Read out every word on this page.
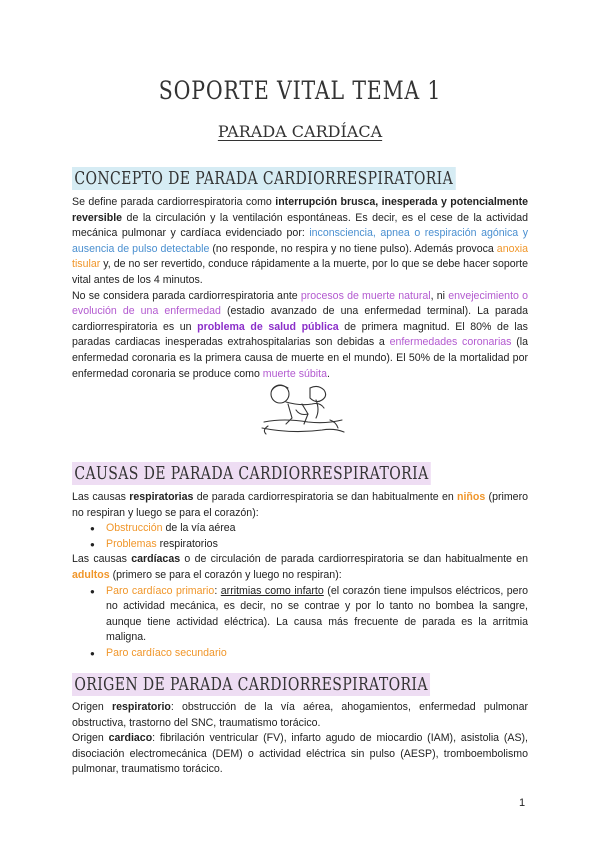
SOPORTE VITAL TEMA 1
PARADA CARDÍACA
CONCEPTO DE PARADA CARDIORRESPIRATORIA

Se define parada cardiorrespiratoria como interrupción brusca, inesperada y potencialmente reversible de la circulación y la ventilación espontáneas. Es decir, es el cese de la actividad mecánica pulmonar y cardíaca evidenciado por: inconsciencia, apnea o respiración agónica y ausencia de pulso detectable (no responde, no respira y no tiene pulso). Además provoca anoxia tisular y, de no ser revertido, conduce rápidamente a la muerte, por lo que se debe hacer soporte vital antes de los 4 minutos.

No se considera parada cardiorrespiratoria ante procesos de muerte natural, ni envejecimiento o evolución de una enfermedad (estadio avanzado de una enfermedad terminal). La parada cardiorrespiratoria es un problema de salud pública de primera magnitud. El 80% de las paradas cardiacas inesperadas extrahospitalarias son debidas a enfermedades coronarias (la enfermedad coronaria es la primera causa de muerte en el mundo). El 50% de la mortalidad por enfermedad coronaria se produce como muerte súbita.

CAUSAS DE PARADA CARDIORRESPIRATORIA

Las causas respiratorias de parada cardiorrespiratoria se dan habitualmente en niños (primero no respiran y luego se para el corazón):

● Obstrucción de la vía aérea
● Problemas respiratorios

Las causas cardíacas o de circulación de parada cardiorrespiratoria se dan habitualmente en adultos (primero se para el corazón y luego no respiran):

● Paro cardíaco primario: arritmias como infarto (el corazón tiene impulsos eléctricos, pero no actividad mecánica, es decir, no se contrae y por lo tanto no bombea la sangre, aunque tiene actividad eléctrica). La causa más frecuente de parada es la arritmia maligna.
● Paro cardíaco secundario
ORIGEN DE PARADA CARDIORRESPIRATORIA

Origen respiratorio: obstrucción de la vía aérea, ahogamientos, enfermedad pulmonar obstructiva, trastorno del SNC, traumatismo torácico.

Origen cardiaco: fibrilación ventricular (FV), infarto agudo de miocardio (IAM), asistolia (AS), disociación electromecánica (DEM) o actividad eléctrica sin pulso (AESP), tromboembolismo pulmonar, traumatismo torácico.

1
